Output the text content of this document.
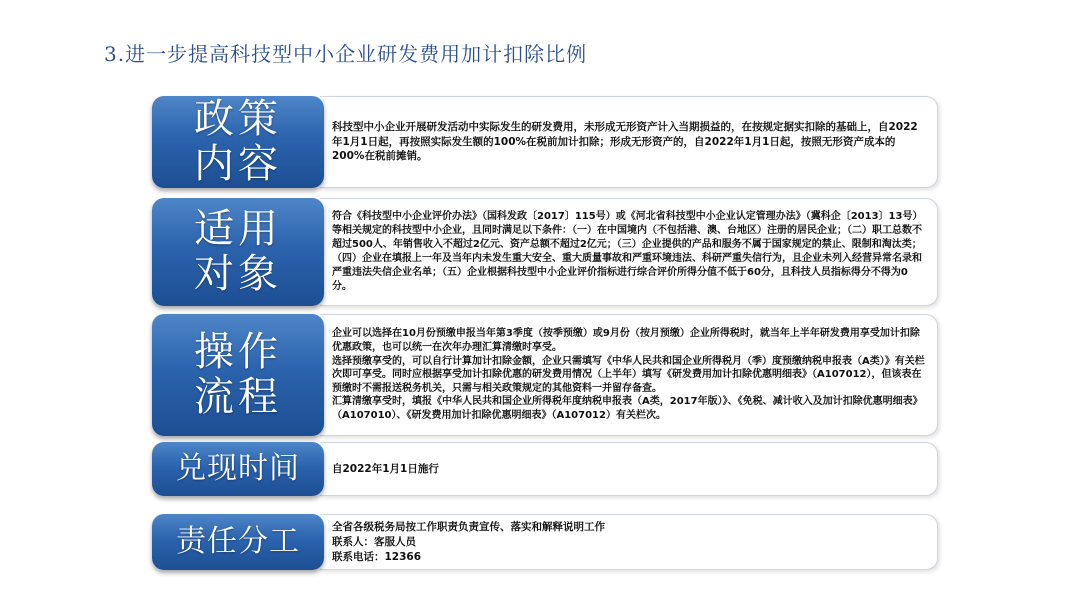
3.进一步提高科技型中小企业研发费用加计扣除比例
政策
内容

科技型中小企业开展研发活动中实际发生的研发费用，未形成无形资产计入当期损益的，在按规定据实扣除的基础上，自2022年1月1日起，再按照实际发生额的100%在税前加计扣除；形成无形资产的，自2022年1月1日起，按照无形资产成本的200%在税前摊销。

适用
对象

符合《科技型中小企业评价办法》（国科发政〔2017〕115号）或《河北省科技型中小企业认定管理办法》（冀科企〔2013〕13号）等相关规定的科技型中小企业，且同时满足以下条件：（一）在中国境内（不包括港、澳、台地区）注册的居民企业；（二）职工总数不超过500人、年销售收入不超过2亿元、资产总额不超过2亿元；（三）企业提供的产品和服务不属于国家规定的禁止、限制和淘汰类；（四）企业在填报上一年及当年内未发生重大安全、重大质量事故和严重环境违法、科研严重失信行为，且企业未列入经营异常名录和严重违法失信企业名单；（五）企业根据科技型中小企业评价指标进行综合评价所得分值不低于60分，且科技人员指标得分不得为0分。

操作
流程

企业可以选择在10月份预缴申报当年第3季度（按季预缴）或9月份（按月预缴）企业所得税时，就当年上半年研发费用享受加计扣除优惠政策，也可以统一在次年办理汇算清缴时享受。

选择预缴享受的，可以自行计算加计扣除金额，企业只需填写《中华人民共和国企业所得税月（季）度预缴纳税申报表（A类）》有关栏次即可享受。同时应根据享受加计扣除优惠的研发费用情况（上半年）填写《研发费用加计扣除优惠明细表》（A107012），但该表在预缴时不需报送税务机关，只需与相关政策规定的其他资料一并留存备查。

汇算清缴享受时，填报《中华人民共和国企业所得税年度纳税申报表（A类，2017年版）》、《免税、减计收入及加计扣除优惠明细表》（A107010）、《研发费用加计扣除优惠明细表》（A107012）有关栏次。

兑现时间	自2022年1月1日施行

责任分工	全省各级税务局按工作职责负责宣传、落实和解释说明工作

联系人：客服人员

联系电话：12366
